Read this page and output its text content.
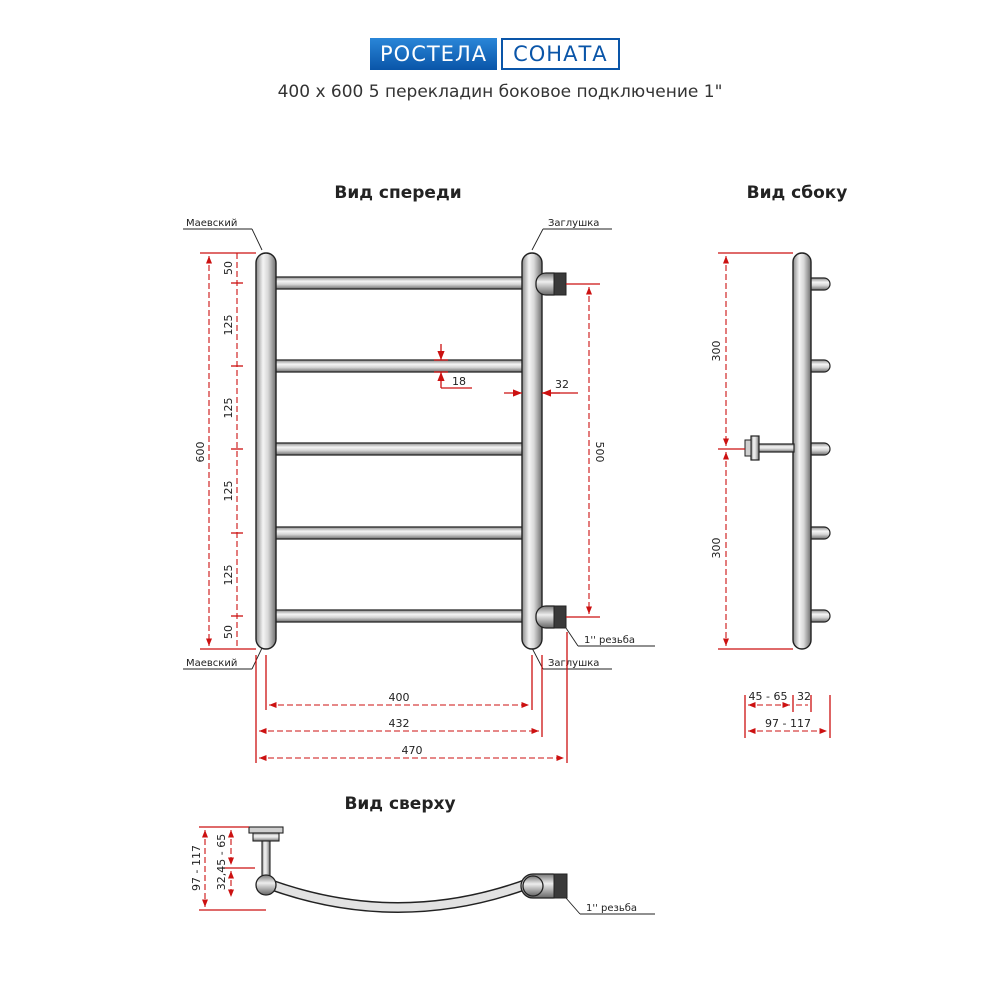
РОСТЕЛА	СОНАТА
400 x 600 5 перекладин боковое подключение 1"
Вид спереди
Маевский
Маевский
Заглушка
Заглушка
1'' резьба
600
50
125
125
125
125
50
500
18	32
400
432
470
Вид сбоку
300
300
45 - 65 32
97 - 117
Вид сверху
1'' резьба
97 - 117 32,45 - 65
